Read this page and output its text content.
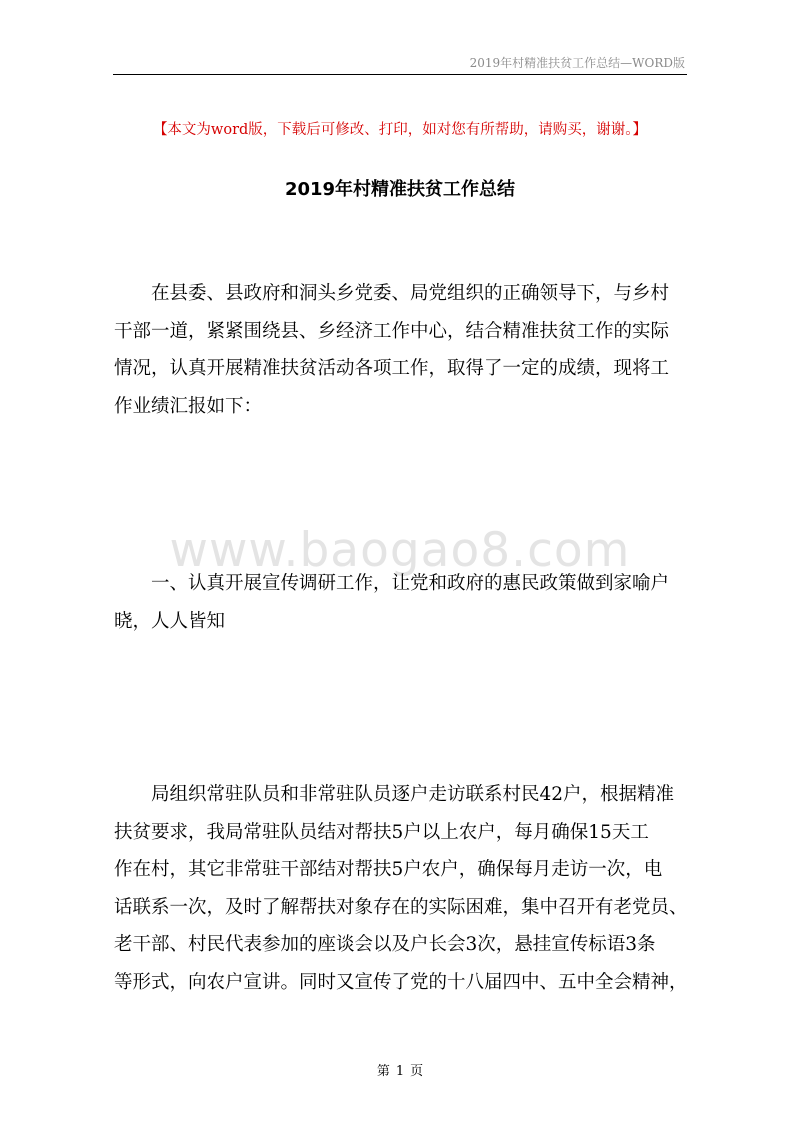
2019年村精准扶贫工作总结—WORD版
【本文为word版，下载后可修改、打印，如对您有所帮助，请购买，谢谢。】
2019年村精准扶贫工作总结
在县委、县政府和洞头乡党委、局党组织的正确领导下，与乡村
干部一道，紧紧围绕县、乡经济工作中心，结合精准扶贫工作的实际
情况，认真开展精准扶贫活动各项工作，取得了一定的成绩，现将工
作业绩汇报如下：
www.baogao8.com
一、认真开展宣传调研工作，让党和政府的惠民政策做到家喻户
晓，人人皆知
局组织常驻队员和非常驻队员逐户走访联系村民42户，根据精准
扶贫要求，我局常驻队员结对帮扶5户以上农户，每月确保15天工
作在村，其它非常驻干部结对帮扶5户农户，确保每月走访一次，电
话联系一次，及时了解帮扶对象存在的实际困难，集中召开有老党员、
老干部、村民代表参加的座谈会以及户长会3次，悬挂宣传标语3条
等形式，向农户宣讲。同时又宣传了党的十八届四中、五中全会精神，
第 1 页
